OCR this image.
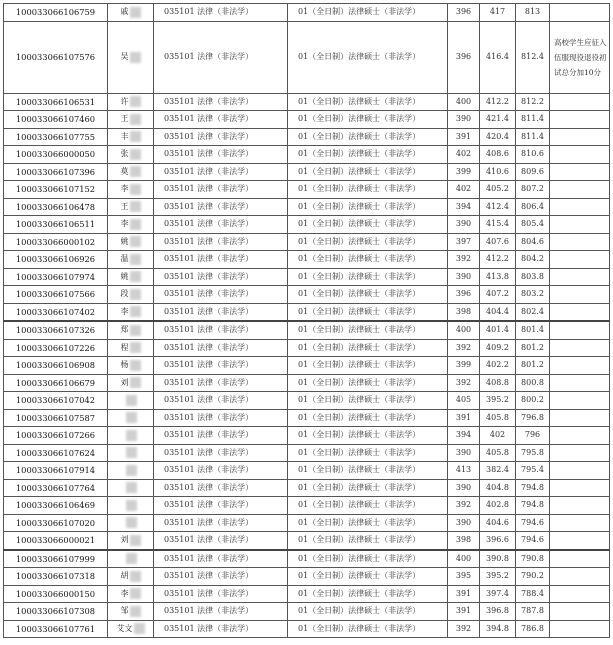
100033066106759	戚	035101 法律（非法学）	01（全日制）法律硕士（非法学）	396	417	813	
100033066107576	吴	035101 法律（非法学）	01（全日制）法律硕士（非法学）	396	416.4	812.4	高校学生应征入伍服现役退役初试总分加10分
100033066106531	许	035101 法律（非法学）	01（全日制）法律硕士（非法学）	400	412.2	812.2	
100033066107460	王	035101 法律（非法学）	01（全日制）法律硕士（非法学）	390	421.4	811.4	
100033066107755	丰	035101 法律（非法学）	01（全日制）法律硕士（非法学）	391	420.4	811.4	
100033066000050	张	035101 法律（非法学）	01（全日制）法律硕士（非法学）	402	408.6	810.6	
100033066107396	莫	035101 法律（非法学）	01（全日制）法律硕士（非法学）	399	410.6	809.6	
100033066107152	李	035101 法律（非法学）	01（全日制）法律硕士（非法学）	402	405.2	807.2	
100033066106478	王	035101 法律（非法学）	01（全日制）法律硕士（非法学）	394	412.4	806.4	
100033066106511	李	035101 法律（非法学）	01（全日制）法律硕士（非法学）	390	415.4	805.4	
100033066000102	姚	035101 法律（非法学）	01（全日制）法律硕士（非法学）	397	407.6	804.6	
100033066106926	温	035101 法律（非法学）	01（全日制）法律硕士（非法学）	392	412.2	804.2	
100033066107974	姚	035101 法律（非法学）	01（全日制）法律硕士（非法学）	390	413.8	803.8	
100033066107566	段	035101 法律（非法学）	01（全日制）法律硕士（非法学）	396	407.2	803.2	
100033066107402	李	035101 法律（非法学）	01（全日制）法律硕士（非法学）	398	404.4	802.4	
100033066107326	郑	035101 法律（非法学）	01（全日制）法律硕士（非法学）	400	401.4	801.4	
100033066107226	程	035101 法律（非法学）	01（全日制）法律硕士（非法学）	392	409.2	801.2	
100033066106908	杨	035101 法律（非法学）	01（全日制）法律硕士（非法学）	399	402.2	801.2	
100033066106679	刘	035101 法律（非法学）	01（全日制）法律硕士（非法学）	392	408.8	800.8	
100033066107042		035101 法律（非法学）	01（全日制）法律硕士（非法学）	405	395.2	800.2	
100033066107587		035101 法律（非法学）	01（全日制）法律硕士（非法学）	391	405.8	796.8	
100033066107266		035101 法律（非法学）	01（全日制）法律硕士（非法学）	394	402	796	
100033066107624		035101 法律（非法学）	01（全日制）法律硕士（非法学）	390	405.8	795.8	
100033066107914		035101 法律（非法学）	01（全日制）法律硕士（非法学）	413	382.4	795.4	
100033066107764		035101 法律（非法学）	01（全日制）法律硕士（非法学）	390	404.8	794.8	
100033066106469		035101 法律（非法学）	01（全日制）法律硕士（非法学）	392	402.8	794.8	
100033066107020		035101 法律（非法学）	01（全日制）法律硕士（非法学）	390	404.6	794.6	
100033066000021	刘	035101 法律（非法学）	01（全日制）法律硕士（非法学）	398	396.6	794.6	
100033066107999		035101 法律（非法学）	01（全日制）法律硕士（非法学）	400	390.8	790.8	
100033066107318	胡	035101 法律（非法学）	01（全日制）法律硕士（非法学）	395	395.2	790.2	
100033066000150	李	035101 法律（非法学）	01（全日制）法律硕士（非法学）	391	397.4	788.4	
100033066107308	邹	035101 法律（非法学）	01（全日制）法律硕士（非法学）	391	396.8	787.8	
100033066107761	艾文	035101 法律（非法学）	01（全日制）法律硕士（非法学）	392	394.8	786.8	
